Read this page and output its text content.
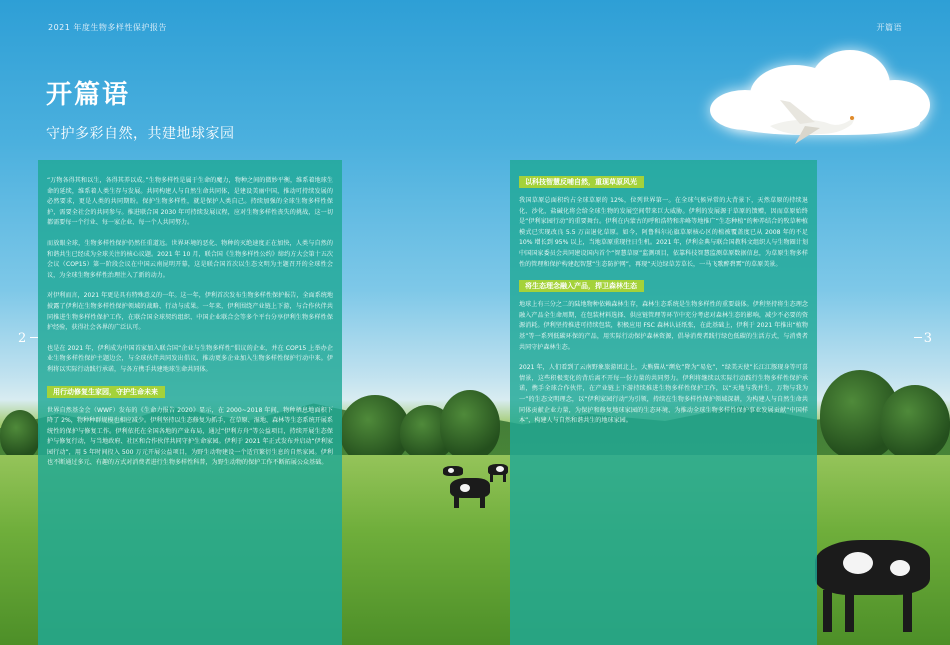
2021 年度生物多样性保护报告	开篇语
2	3
开篇语
守护多彩自然，共建地球家园

“万物各得其和以生，各得其养以成。”生物多样性是属于生命的魔力，物种之间的微妙平衡，维系着地球生命的延续，维系着人类生存与发展。共同构建人与自然生命共同体，是建设美丽中国，推动可持续发展的必然要求，更是人类的共同期盼。保护生物多样性，就是保护人类自己。持续加强的全球生物多样性保护，需要全社会的共同参与。推进联合国 2030 年可持续发展议程，应对生物多样性丧失的挑战，这一切都需要每一个行业、每一家企业、每一个人共同努力。

而放眼全球，生物多样性保护仍然任重道远。世界环境的恶化、物种的灭绝速度正在加快，人类与自然的和谐共生已经成为全球关注的核心议题。2021 年 10 月，联合国《生物多样性公约》缔约方大会第十五次会议（COP15）第一阶段会议在中国云南昆明开幕，这是联合国首次以生态文明为主题召开的全球性会议，为全球生物多样性治理注入了新的动力。

对伊利而言，2021 年更是具有特殊意义的一年。这一年，伊利首次发布生物多样性保护报告，全面系统地披露了伊利在生物多样性保护领域的战略、行动与成果。一年来，伊利围绕产业链上下游，与合作伙伴共同推进生物多样性保护工作，在联合国全球契约组织、中国企业联合会等多个平台分享伊利生物多样性保护经验，获得社会各界的广泛认可。

也是在 2021 年，伊利成为中国首家加入联合国“企业与生物多样性”倡议的企业，并在 COP15 上举办企业生物多样性保护主题边会，与全球伙伴共同发出倡议，推动更多企业加入生物多样性保护行动中来。伊利将以实际行动践行承诺，与各方携手共建地球生命共同体。

用行动修复生家园，守护生命未来

世界自然基金会（WWF）发布的《生命力报告 2020》显示，在 2000~2018 年间，物种栖息地面积下降了 2%，物种种群规模也相应减少。伊利坚持以生态修复为抓手，在草原、湿地、森林等生态系统开展系统性的保护与修复工作。伊利依托在全国各地的产业布局，通过“伊利方舟”等公益项目，持续开展生态保护与修复行动，与当地政府、社区和合作伙伴共同守护生命家园。伊利于 2021 年正式发布并启动“伊利家园行动”，用 5 年时间投入 500 万元开展公益项目，为野生动物建设一个适宜繁衍生息的自然家园。伊利也不断通过多元、有趣的方式对消费者进行生物多样性科普，为野生动物的保护工作不断拓展公众基础。

以科技智慧反哺自然，重现草原风光

我国草原总面积约占全球草原的 12%，位列世界第一。在全球气候异常的大背景下，天然草原的持续退化、沙化，盐碱化将会给全球生物的发展空间带来巨大威胁。伊利的发展源于草原的馈赠，因而草原始终是“伊利家园行动”的重要舞台。伊利在内蒙古的呼和浩特和赤峰等地推广“生态种植”的种养结合的牧草种植模式已实现改良 5.5 万亩退化草原。如今，阿鲁科尔沁旗草原核心区的植被覆盖度已从 2008 年的不足 10% 增长到 95% 以上，当地草原重现往日生机。2021 年，伊利金典与联合国教科文组织人与生物圈计划中国国家委员会共同建设国内首个“智慧草原”监测项目，依靠科技智慧监测草原数据信息，为草原生物多样性的管理和保护构建起智慧“生态防护网”，再现“天边绿草芳草长，一马飞歌醉碧霄”的草原美景。

将生态理念融入产品，捍卫森林生态

地球上有三分之二的陆地物种依赖森林生存，森林生态系统是生物多样性的重要载体。伊利坚持将生态理念融入产品全生命周期，在包装材料选择、供应链管理等环节中充分考虑对森林生态的影响，减少不必要的资源消耗。伊利坚持推进可持续包装，积极应用 FSC 森林认证纸张，在此基础上，伊利于 2021 年推出“植物基”等一系列低碳环保的产品，用实际行动保护森林资源，倡导消费者践行绿色低碳的生活方式，与消费者共同守护森林生态。

2021 年，人们看到了云南野象旅游团北上，大熊猫从“濒危”降为“易危”，“绿美天使”长江江豚现身等可喜情景，这些积极变化的背后离不开每一份力量的共同努力。伊利将继续以实际行动践行生物多样性保护承诺，携手全球合作伙伴，在产业链上下游持续推进生物多样性保护工作，以“天地与我并生，万物与我为一”的生态文明理念，以“伊利家园行动”为引领，持续在生物多样性保护领域深耕，为构建人与自然生命共同体贡献企业力量，为保护和修复地球家园的生态环境、为推动全球生物多样性保护事业发展贡献“中国样本”，构建人与自然和谐共生的地球家园。
